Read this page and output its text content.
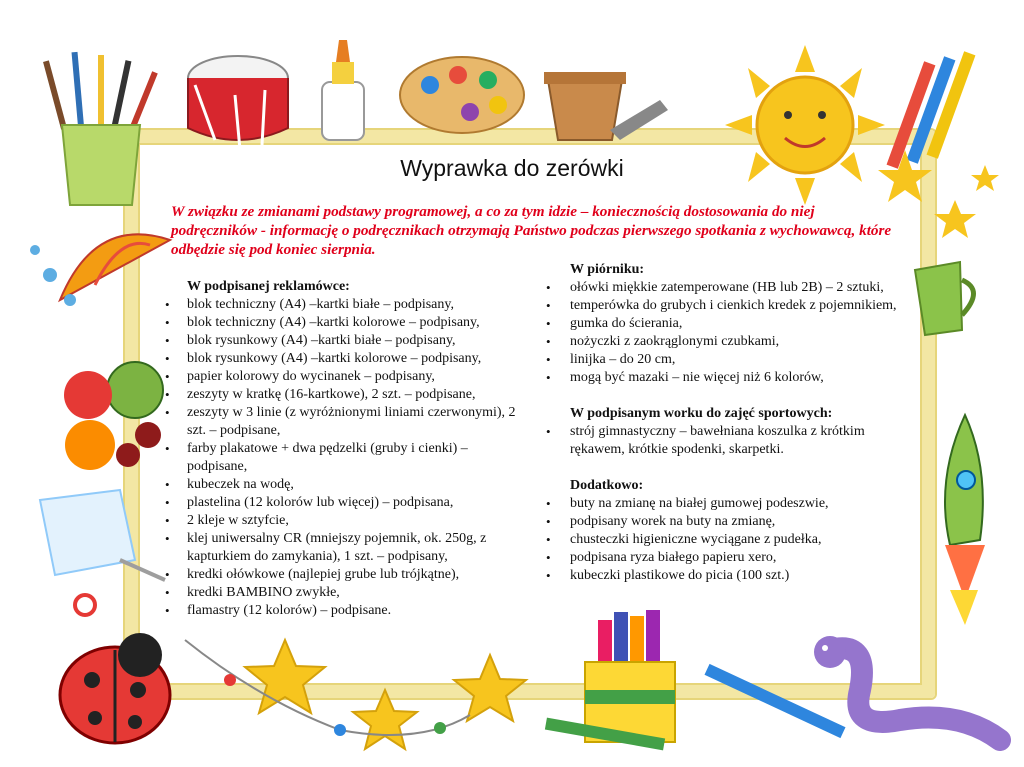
Wyprawka do zerówki

W związku ze zmianami podstawy programowej, a co za tym idzie – koniecznością dostosowania do niej podręczników - informację o podręcznikach otrzymają Państwo podczas pierwszego spotkania z wychowawcą, które odbędzie się pod koniec sierpnia.

W podpisanej reklamówce:
• blok techniczny (A4) –kartki białe – podpisany,
• blok techniczny (A4) –kartki kolorowe – podpisany,
• blok rysunkowy (A4) –kartki białe – podpisany,
• blok rysunkowy (A4) –kartki kolorowe – podpisany,
• papier kolorowy do wycinanek – podpisany,
• zeszyty w kratkę (16-kartkowe), 2 szt. – podpisane,
• zeszyty w 3 linie (z wyróżnionymi liniami czerwonymi), 2 szt. – podpisane,
• farby plakatowe + dwa pędzelki (gruby i cienki) – podpisane,
• kubeczek na wodę,
• plastelina (12 kolorów lub więcej) – podpisana,
• 2 kleje w sztyfcie,
• klej uniwersalny CR (mniejszy pojemnik, ok. 250g, z kapturkiem do zamykania), 1 szt. – podpisany,
• kredki ołówkowe (najlepiej grube lub trójkątne),
• kredki BAMBINO zwykłe,
• flamastry (12 kolorów) – podpisane.
W piórniku:
• ołówki miękkie zatemperowane (HB lub 2B) – 2 sztuki,
• temperówka do grubych i cienkich kredek z pojemnikiem,
• gumka do ścierania,
• nożyczki z zaokrąglonymi czubkami,
• linijka – do 20 cm,
• mogą być mazaki – nie więcej niż 6 kolorów,
W podpisanym worku do zajęć sportowych:
• strój gimnastyczny – bawełniana koszulka z krótkim rękawem, krótkie spodenki, skarpetki.
Dodatkowo:
• buty na zmianę na białej gumowej podeszwie,
• podpisany worek na buty na zmianę,
• chusteczki higieniczne wyciągane z pudełka,
• podpisana ryza białego papieru xero,
• kubeczki plastikowe do picia (100 szt.)
